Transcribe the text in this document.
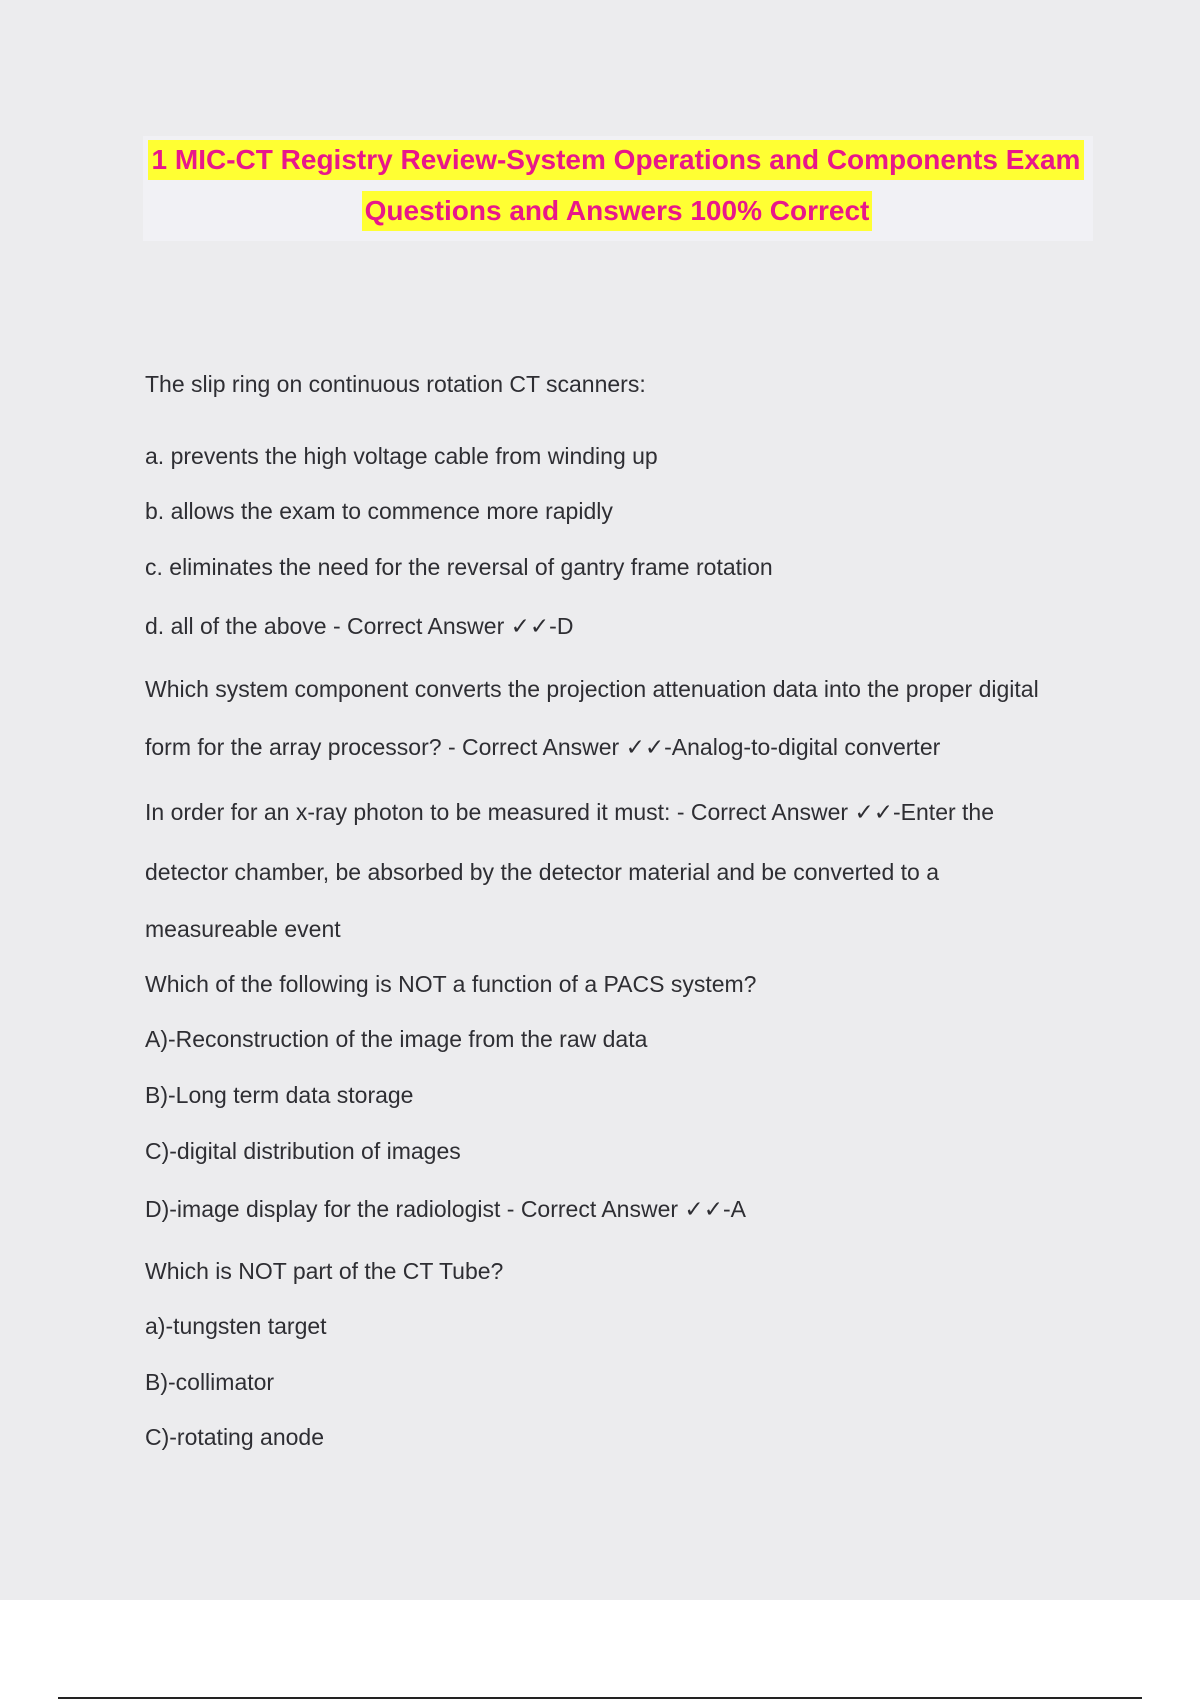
1 MIC-CT Registry Review-System Operations and Components Exam
Questions and Answers 100% Correct
The slip ring on continuous rotation CT scanners:
a. prevents the high voltage cable from winding up
b. allows the exam to commence more rapidly
c. eliminates the need for the reversal of gantry frame rotation
d. all of the above - Correct Answer ✓✓-D
Which system component converts the projection attenuation data into the proper digital
form for the array processor? - Correct Answer ✓✓-Analog-to-digital converter
In order for an x-ray photon to be measured it must: - Correct Answer ✓✓-Enter the
detector chamber, be absorbed by the detector material and be converted to a
measureable event
Which of the following is NOT a function of a PACS system?
A)-Reconstruction of the image from the raw data
B)-Long term data storage
C)-digital distribution of images
D)-image display for the radiologist - Correct Answer ✓✓-A
Which is NOT part of the CT Tube?
a)-tungsten target
B)-collimator
C)-rotating anode
